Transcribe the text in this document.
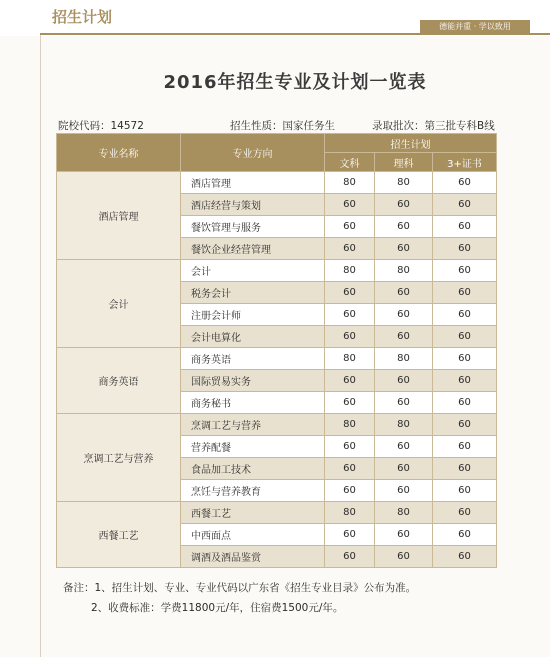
招生计划
德能并重 · 学以致用
2016年招生专业及计划一览表
院校代码：14572	招生性质：国家任务生	录取批次：第三批专科B线
专业名称	专业方向	招生计划		
		文科	理科	3+证书
酒店管理	酒店管理	80	80	60
	酒店经营与策划	60	60	60
	餐饮管理与服务	60	60	60
	餐饮企业经营管理	60	60	60
会计	会计	80	80	60
	税务会计	60	60	60
	注册会计师	60	60	60
	会计电算化	60	60	60
商务英语	商务英语	80	80	60
	国际贸易实务	60	60	60
	商务秘书	60	60	60
烹调工艺与营养	烹调工艺与营养	80	80	60
	营养配餐	60	60	60
	食品加工技术	60	60	60
	烹饪与营养教育	60	60	60
西餐工艺	西餐工艺	80	80	60
	中西面点	60	60	60
	调酒及酒品鉴赏	60	60	60
备注：1、招生计划、专业、专业代码以广东省《招生专业目录》公布为准。
2、收费标准：学费11800元/年，住宿费1500元/年。
